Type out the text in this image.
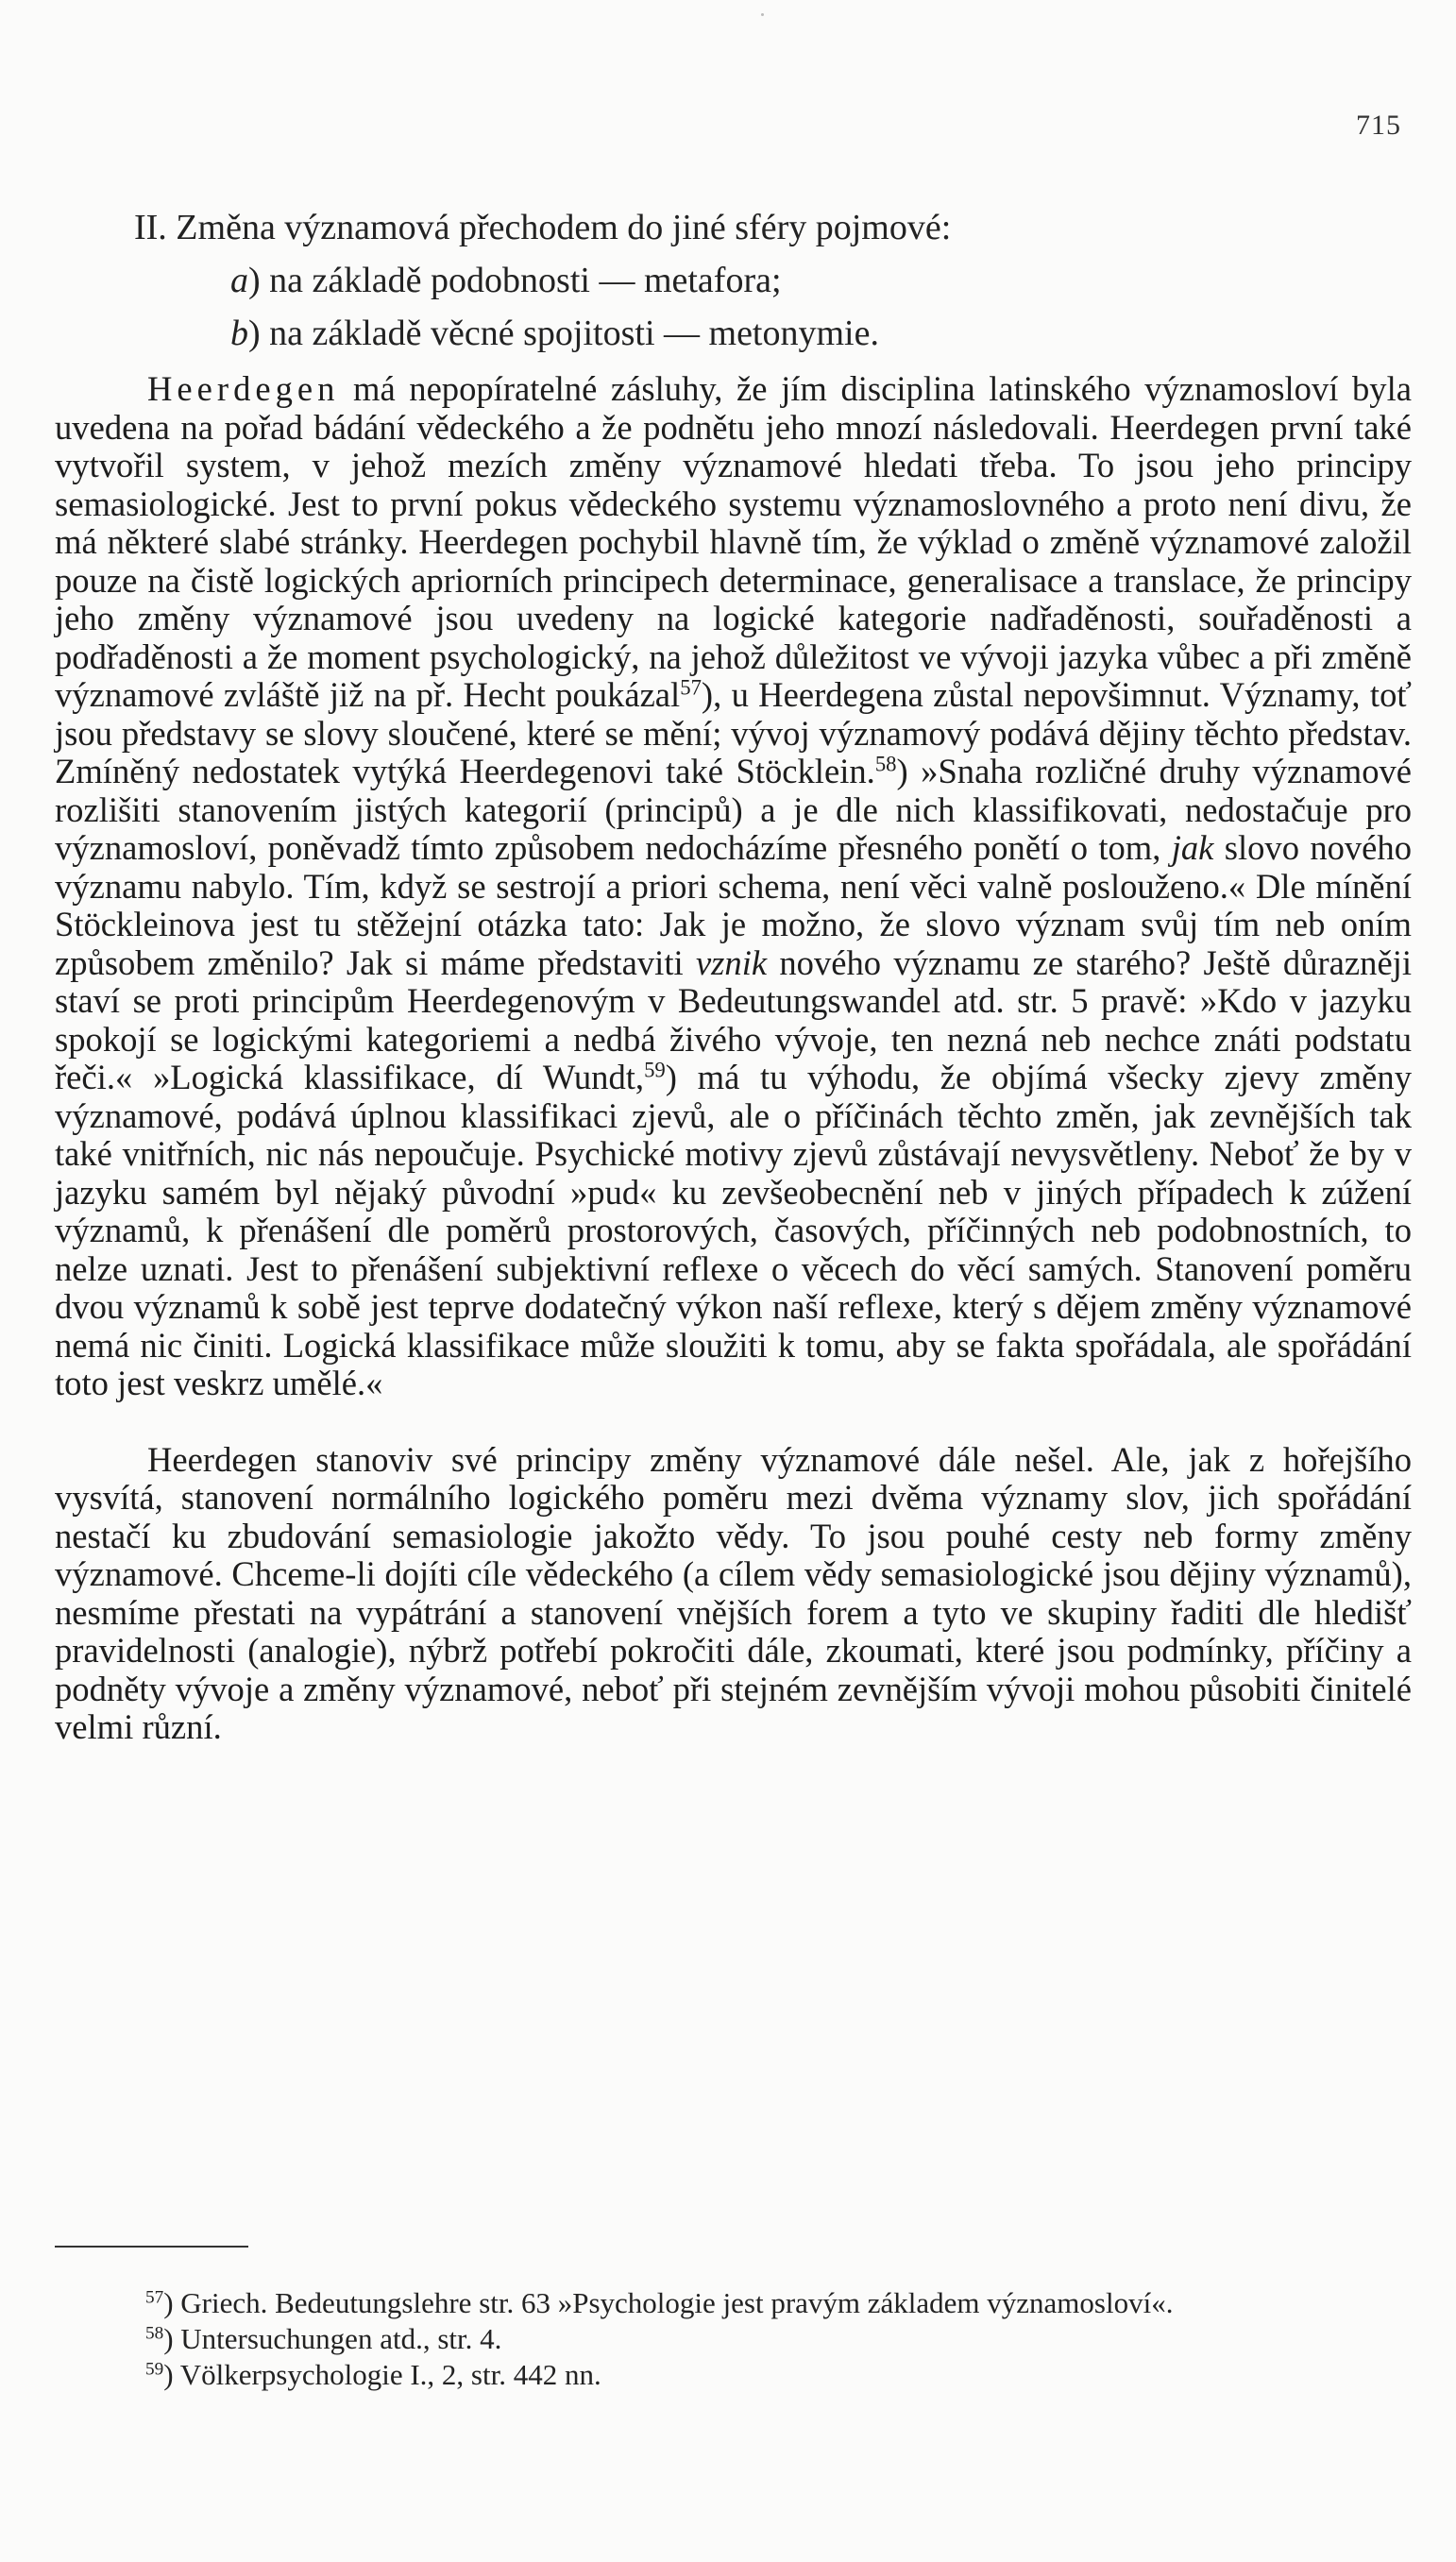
715
II. Změna významová přechodem do jiné sféry pojmové:
a) na základě podobnosti — metafora;
b) na základě věcné spojitosti — metonymie.

Heerdegen má nepopíratelné zásluhy, že jím disciplina latinského významosloví byla uvedena na pořad bádání vědeckého a že podnětu jeho mnozí následovali. Heerdegen první také vytvořil system, v jehož mezích změny významové hledati třeba. To jsou jeho principy semasiologické. Jest to první pokus vědeckého systemu významoslovného a proto není divu, že má některé slabé stránky. Heerdegen pochybil hlavně tím, že výklad o změně významové založil pouze na čistě logických apriorních principech determinace, generalisace a translace, že principy jeho změny významové jsou uvedeny na logické kategorie nadřaděnosti, souřaděnosti a podřaděnosti a že moment psychologický, na jehož důležitost ve vývoji jazyka vůbec a při změně významové zvláště již na př. Hecht poukázal$^{57}$), u Heerdegena zůstal nepovšimnut. Významy, toť jsou představy se slovy sloučené, které se mění; vývoj významový podává dějiny těchto představ. Zmíněný nedostatek vytýká Heerdegenovi také Stöcklein.$^{58}$) »Snaha rozličné druhy významové rozlišiti stanovením jistých kategorií (principů) a je dle nich klassifikovati, nedostačuje pro významosloví, poněvadž tímto způsobem nedocházíme přesného ponětí o tom, jak slovo nového významu nabylo. Tím, když se sestrojí a priori schema, není věci valně poslouženo.« Dle mínění Stöckleinova jest tu stěžejní otázka tato: Jak je možno, že slovo význam svůj tím neb oním způsobem změnilo? Jak si máme představiti vznik nového významu ze starého? Ještě důrazněji staví se proti principům Heerdegenovým v Bedeutungswandel atd. str. 5 pravě: »Kdo v jazyku spokojí se logickými kategoriemi a nedbá živého vývoje, ten nezná neb nechce znáti podstatu řeči.« »Logická klassifikace, dí Wundt,$^{59}$) má tu výhodu, že objímá všecky zjevy změny významové, podává úplnou klassifikaci zjevů, ale o příčinách těchto změn, jak zevnějších tak také vnitřních, nic nás nepoučuje. Psychické motivy zjevů zůstávají nevysvětleny. Neboť že by v jazyku samém byl nějaký původní »pud« ku zevšeobecnění neb v jiných případech k zúžení významů, k přenášení dle poměrů prostorových, časových, příčinných neb podobnostních, to nelze uznati. Jest to přenášení subjektivní reflexe o věcech do věcí samých. Stanovení poměru dvou významů k sobě jest teprve dodatečný výkon naší reflexe, který s dějem změny významové nemá nic činiti. Logická klassifikace může sloužiti k tomu, aby se fakta spořádala, ale spořádání toto jest veskrz umělé.«

Heerdegen stanoviv své principy změny významové dále nešel. Ale, jak z hořejšího vysvítá, stanovení normálního logického poměru mezi dvěma významy slov, jich spořádání nestačí ku zbudování semasiologie jakožto vědy. To jsou pouhé cesty neb formy změny významové. Chceme-li dojíti cíle vědeckého (a cílem vědy semasiologické jsou dějiny významů), nesmíme přestati na vypátrání a stanovení vnějších forem a tyto ve skupiny řaditi dle hledišť pravidelnosti (analogie), nýbrž potřebí pokročiti dále, zkoumati, které jsou podmínky, příčiny a podněty vývoje a změny významové, neboť při stejném zevnějším vývoji mohou působiti činitelé velmi různí.

$^{57}$) Griech. Bedeutungslehre str. 63 »Psychologie jest pravým základem významosloví«.
$^{58}$) Untersuchungen atd., str. 4.
$^{59}$) Völkerpsychologie I., 2, str. 442 nn.
